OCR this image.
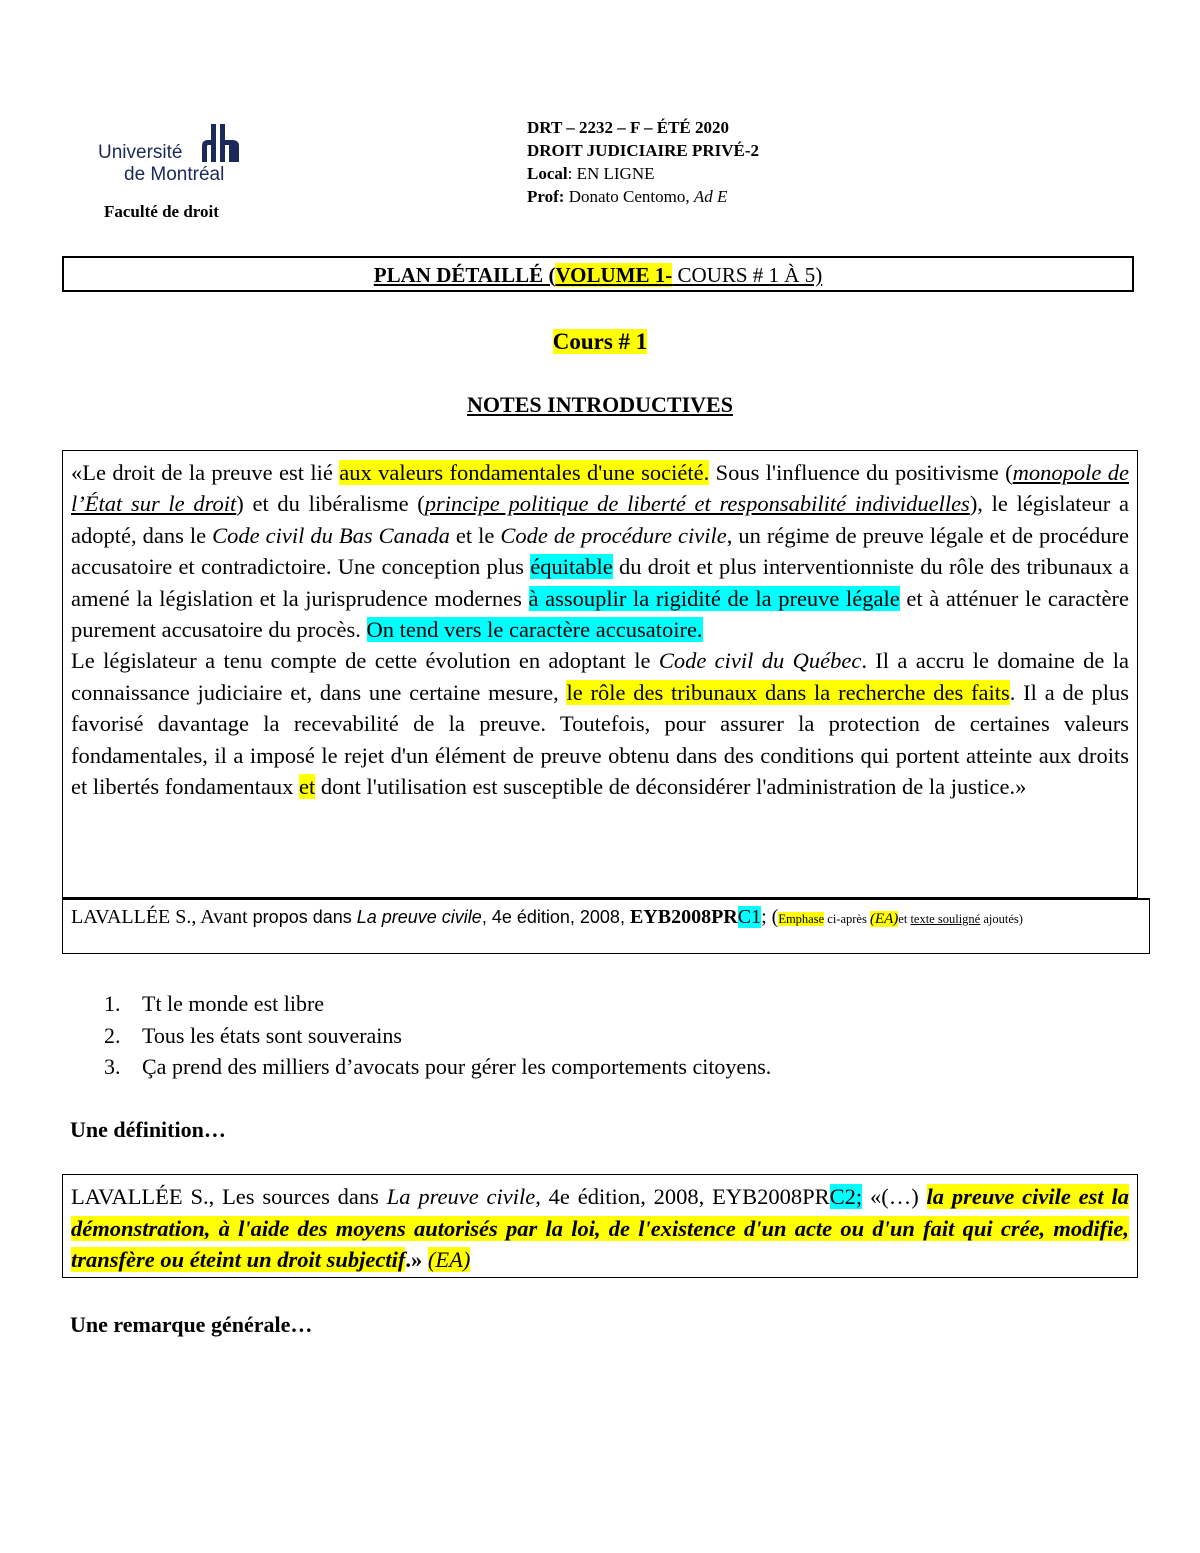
Université
de Montréal
Faculté de droit
DRT – 2232 – F – ÉTÉ 2020
DROIT JUDICIAIRE PRIVÉ-2
Local: EN LIGNE
Prof: Donato Centomo, Ad E
PLAN DÉTAILLÉ (VOLUME 1- COURS # 1 À 5)
Cours # 1
NOTES INTRODUCTIVES
«Le droit de la preuve est lié aux valeurs fondamentales d'une société. Sous l'influence du positivisme (monopole de l’État sur le droit) et du libéralisme (principe politique de liberté et responsabilité individuelles), le législateur a adopté, dans le Code civil du Bas Canada et le Code de procédure civile, un régime de preuve légale et de procédure accusatoire et contradictoire. Une conception plus équitable du droit et plus interventionniste du rôle des tribunaux a amené la législation et la jurisprudence modernes à assouplir la rigidité de la preuve légale et à atténuer le caractère purement accusatoire du procès. On tend vers le caractère accusatoire.
Le législateur a tenu compte de cette évolution en adoptant le Code civil du Québec. Il a accru le domaine de la connaissance judiciaire et, dans une certaine mesure, le rôle des tribunaux dans la recherche des faits. Il a de plus favorisé davantage la recevabilité de la preuve. Toutefois, pour assurer la protection de certaines valeurs fondamentales, il a imposé le rejet d'un élément de preuve obtenu dans des conditions qui portent atteinte aux droits et libertés fondamentaux et dont l'utilisation est susceptible de déconsidérer l'administration de la justice.»
LAVALLÉE S., Avant propos dans La preuve civile, 4e édition, 2008, EYB2008PRC1; (Emphase ci-après (EA)et texte souligné ajoutés)
1. Tt le monde est libre
2. Tous les états sont souverains
3. Ça prend des milliers d’avocats pour gérer les comportements citoyens.
Une définition…
LAVALLÉE S., Les sources dans La preuve civile, 4e édition, 2008, EYB2008PRC2; «(…) la preuve civile est la démonstration, à l'aide des moyens autorisés par la loi, de l'existence d'un acte ou d'un fait qui crée, modifie, transfère ou éteint un droit subjectif.» (EA)
Une remarque générale…
